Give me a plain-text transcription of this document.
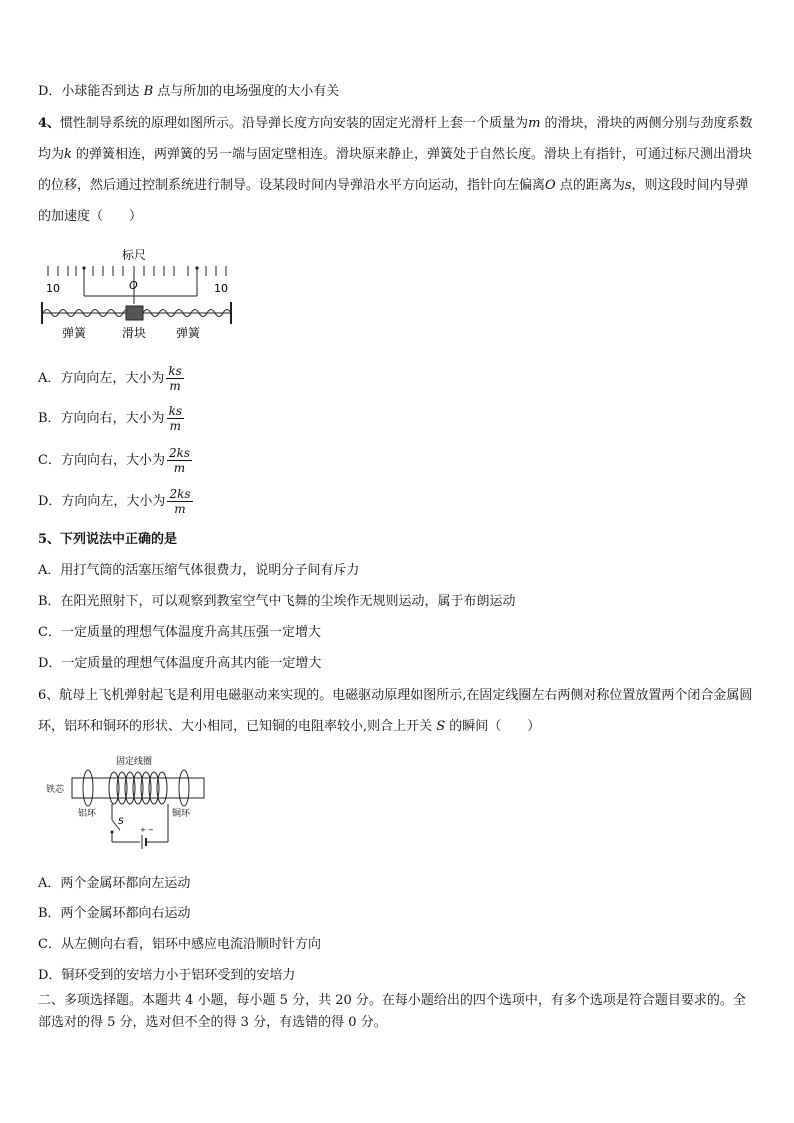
D．小球能否到达 B 点与所加的电场强度的大小有关
4、惯性制导系统的原理如图所示。沿导弹长度方向安装的固定光滑杆上套一个质量为m 的滑块，滑块的两侧分别与劲度系数均为k 的弹簧相连，两弹簧的另一端与固定壁相连。滑块原来静止，弹簧处于自然长度。滑块上有指针，可通过标尺测出滑块的位移，然后通过控制系统进行制导。设某段时间内导弹沿水平方向运动，指针向左偏离O 点的距离为s，则这段时间内导弹的加速度（　　）
标尺
10	10
O
弹簧	滑块 弹簧
A．方向向左，大小为 $\frac{ks}{m}$
B．方向向右，大小为 $\frac{ks}{m}$
C．方向向右，大小为 $\frac{2ks}{m}$
D．方向向左，大小为 $\frac{2ks}{m}$
5、下列说法中正确的是
A．用打气筒的活塞压缩气体很费力，说明分子间有斥力
B．在阳光照射下，可以观察到教室空气中飞舞的尘埃作无规则运动，属于布朗运动
C．一定质量的理想气体温度升高其压强一定增大
D．一定质量的理想气体温度升高其内能一定增大
6、航母上飞机弹射起飞是利用电磁驱动来实现的。电磁驱动原理如图所示,在固定线圈左右两侧对称位置放置两个闭合金属圆环，铝环和铜环的形状、大小相同，已知铜的电阻率较小,则合上开关 S 的瞬间（　　）
固定线圈
铁芯
铝环	铜环
S
+ −
A．两个金属环都向左运动
B．两个金属环都向右运动
C．从左侧向右看，铝环中感应电流沿顺时针方向
D．铜环受到的安培力小于铝环受到的安培力
二、多项选择题。本题共 4 小题，每小题 5 分，共 20 分。在每小题给出的四个选项中，有多个选项是符合题目要求的。全部选对的得 5 分，选对但不全的得 3 分，有选错的得 0 分。
